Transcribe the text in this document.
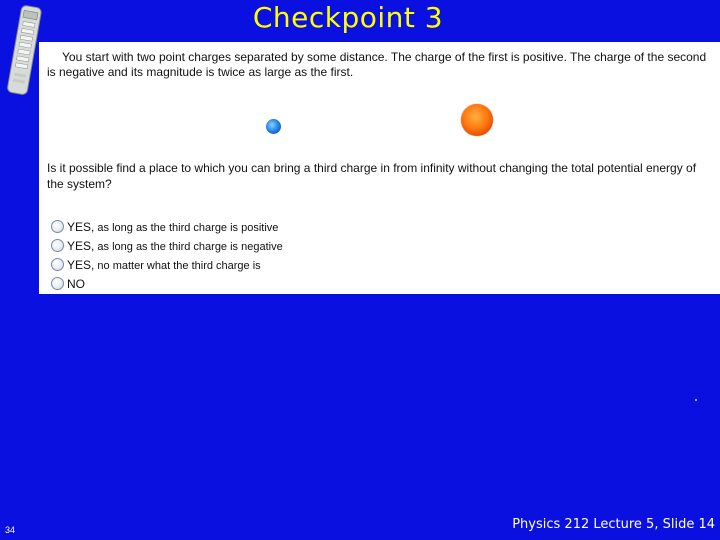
Checkpoint 3

You start with two point charges separated by some distance. The charge of the first is positive. The charge of the second is negative and its magnitude is twice as large as the first.

Is it possible find a place to which you can bring a third charge in from infinity without changing the total potential energy of the system?

YES, as long as the third charge is positive
YES, as long as the third charge is negative
YES, no matter what the third charge is
NO
34	Physics 212 Lecture 5, Slide 14
